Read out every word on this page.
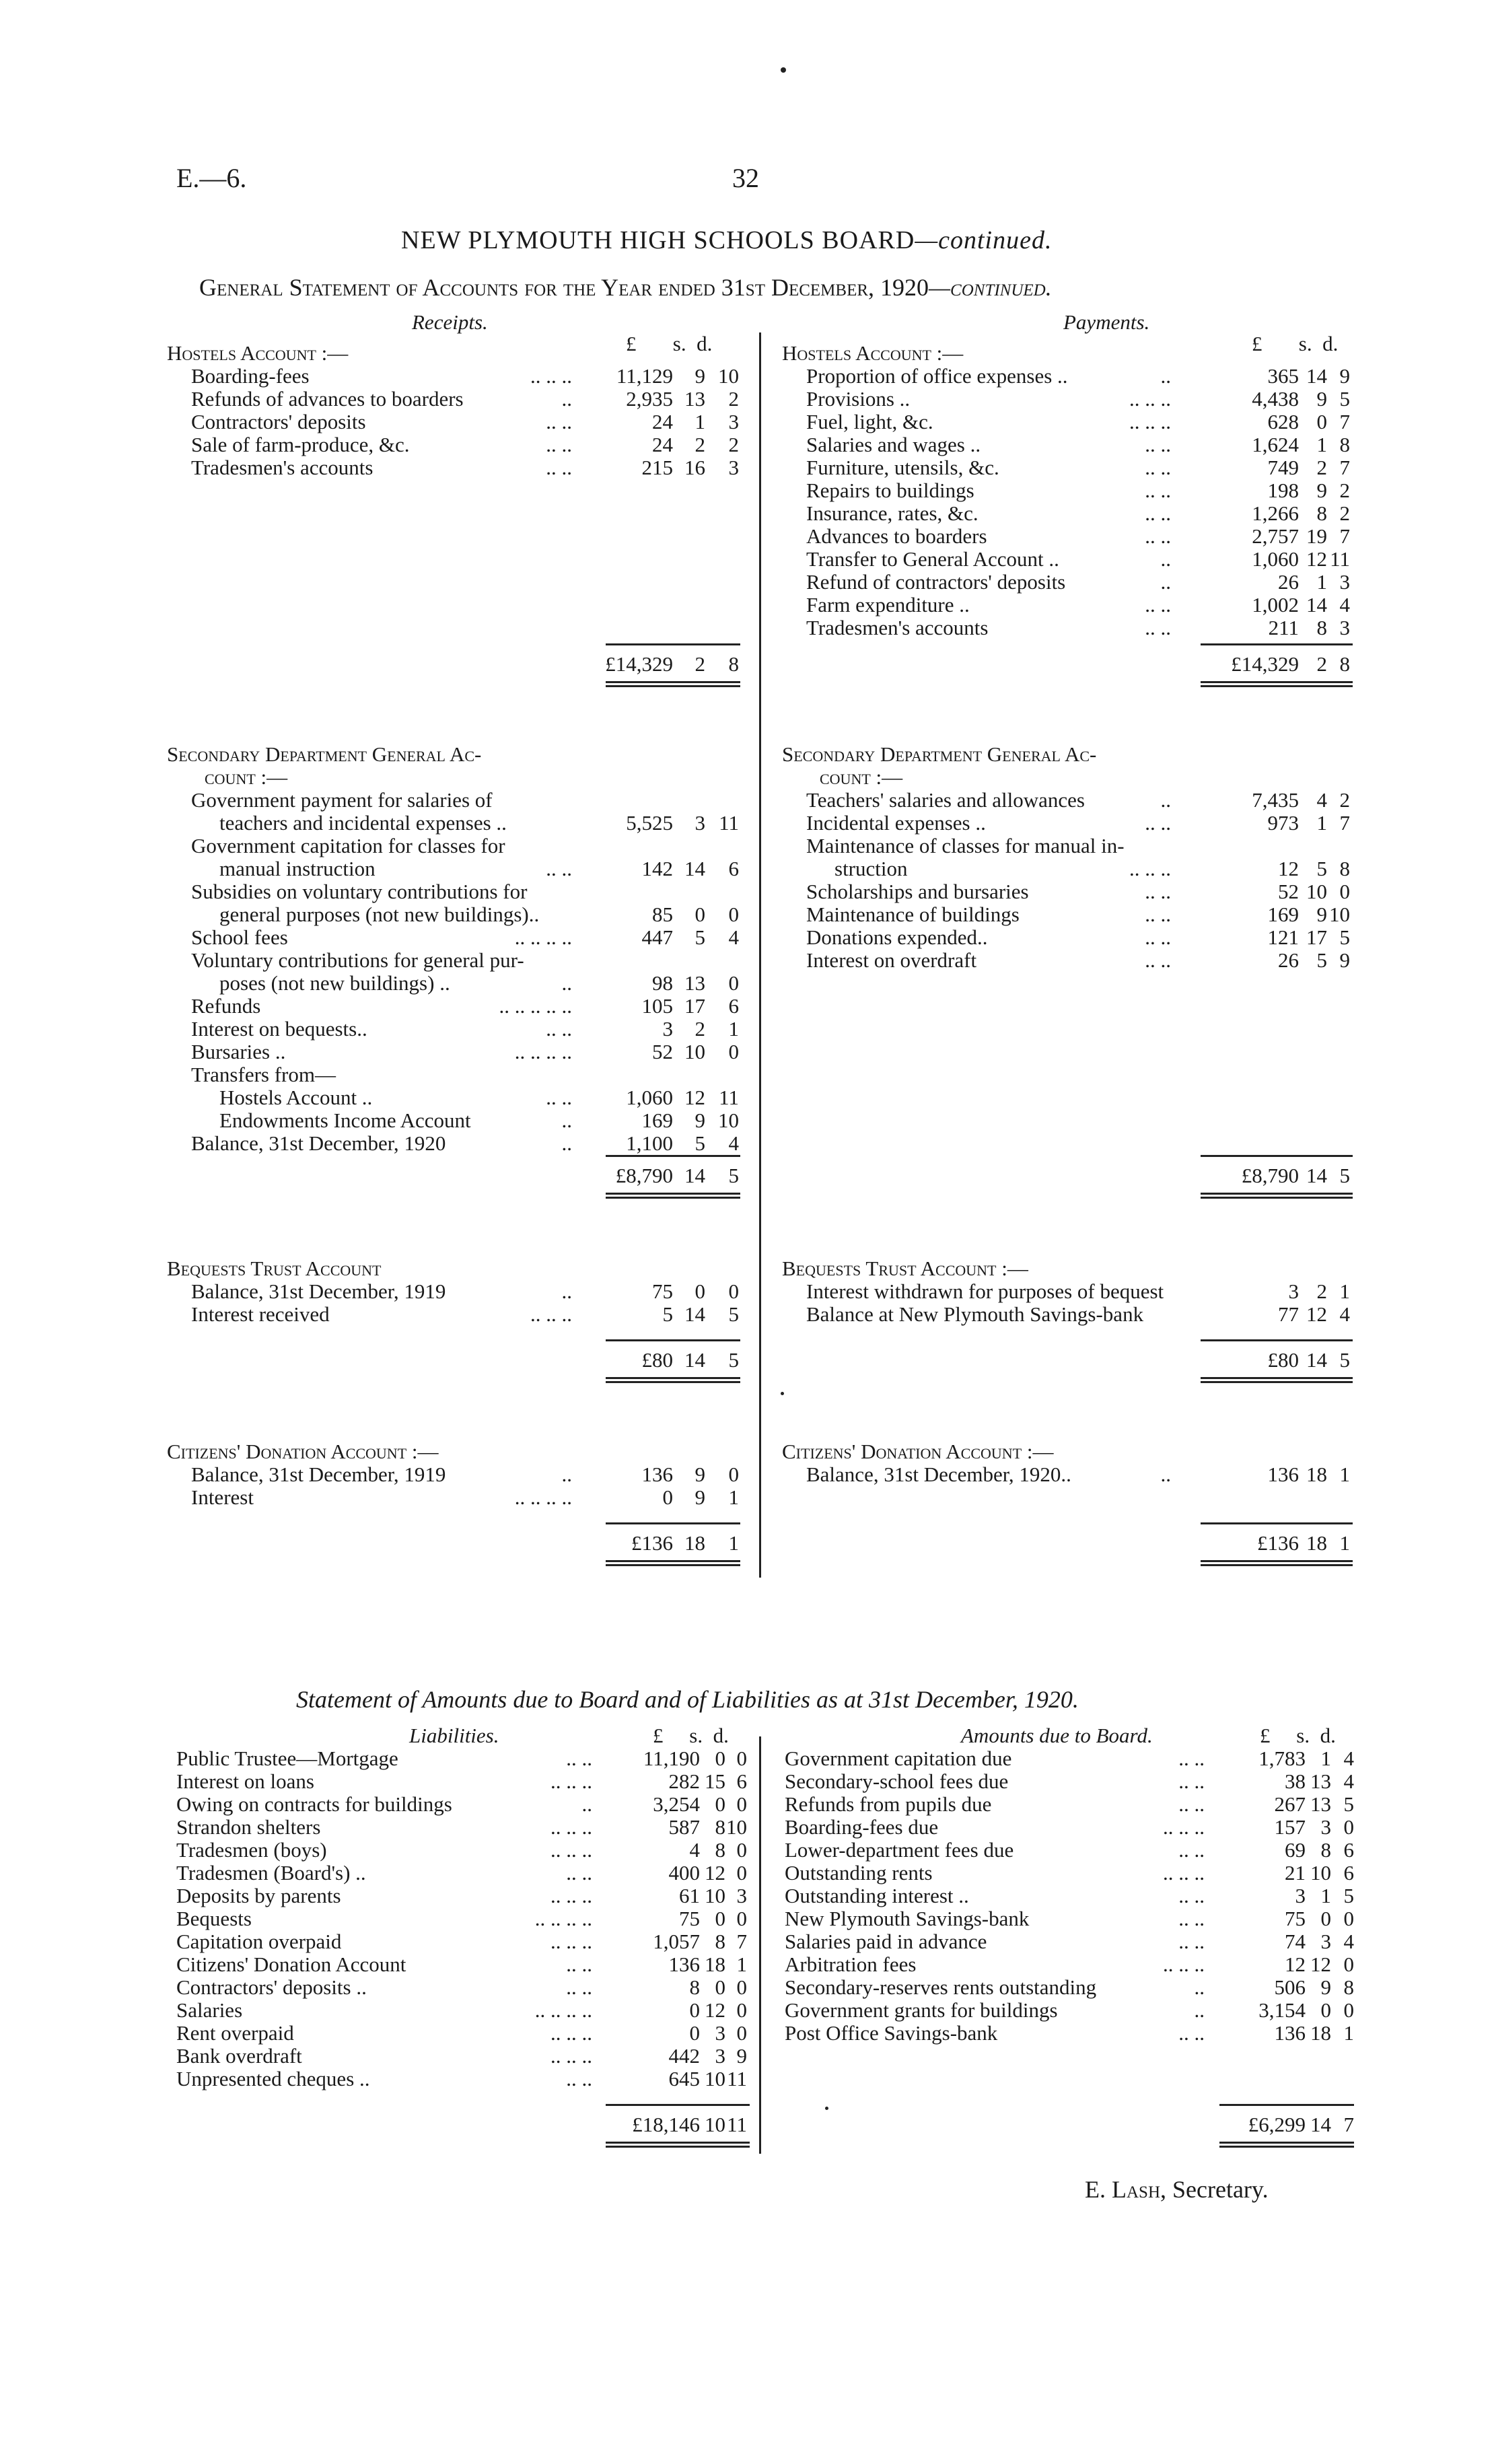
E.—6.	32
NEW PLYMOUTH HIGH SCHOOLS BOARD—continued.
General Statement of Accounts for the Year ended 31st December, 1920—continued.
Receipts.	Payments.
£ s. d.	£ s. d.
Hostels Account :—
Boarding-fees	.. .. ..	11,129	9 10
Refunds of advances to boarders	..	2,935 13	2
Contractors' deposits	.. ..	24	1	3
Sale of farm-produce, &c.	.. ..	24	2	2
Tradesmen's accounts	.. ..	215 16	3
£14,329	2	8
Hostels Account :—
Proportion of office expenses ..	..	365 14 9
Provisions ..	.. .. ..	4,438 9 5
Fuel, light, &c.	.. .. ..	628 0 7
Salaries and wages ..	.. ..	1,624 1 8
Furniture, utensils, &c.	.. ..	749 2 7
Repairs to buildings	.. ..	198 9 2
Insurance, rates, &c.	.. ..	1,266 8 2
Advances to boarders	.. ..	2,757 19 7
Transfer to General Account ..	..	1,060 12 11
Refund of contractors' deposits	..	26 1 3
Farm expenditure ..	.. ..	1,002 14 4
Tradesmen's accounts	.. ..	211 8 3
£14,329 2 8
Secondary Department General Ac-
count :—
Government payment for salaries of
teachers and incidental expenses ..	5,525	3 11
Government capitation for classes for
manual instruction	.. ..	142 14	6
Subsidies on voluntary contributions for
general purposes (not new buildings)..	85	0	0
School fees	.. .. .. ..	447	5	4
Voluntary contributions for general pur-
poses (not new buildings) ..	..	98 13	0
Refunds	.. .. .. .. ..	105 17	6
Interest on bequests..	.. ..	3	2	1
Bursaries ..	.. .. .. ..	52 10	0
Transfers from—
Hostels Account ..	.. ..	1,060 12 11
Endowments Income Account	..	169	9 10
Balance, 31st December, 1920	..	1,100	5	4
£8,790 14	5
Secondary Department General Ac-
count :—
Teachers' salaries and allowances	..	7,435 4 2
Incidental expenses ..	.. ..	973 1 7
Maintenance of classes for manual in-
struction	.. .. ..	12 5 8
Scholarships and bursaries	.. ..	52 10 0
Maintenance of buildings	.. ..	169 9 10
Donations expended..	.. ..	121 17 5
Interest on overdraft	.. ..	26 5 9
£8,790 14 5
Bequests Trust Account
Balance, 31st December, 1919	..	75	0	0
Interest received	.. .. ..	5 14	5
£80 14	5
Bequests Trust Account :—
Interest withdrawn for purposes of bequest	3 2 1
Balance at New Plymouth Savings-bank	77 12 4
£80 14 5
Citizens' Donation Account :—
Balance, 31st December, 1919	..	136	9	0
Interest	.. .. .. ..	0	9	1
£136 18	1
Citizens' Donation Account :—
Balance, 31st December, 1920..	..	136 18 1
£136 18 1
Public Trustee—Mortgage	.. ..	11,190 0 0
Interest on loans	.. .. ..	282 15 6
Owing on contracts for buildings	..	3,254 0 0
Strandon shelters	.. .. ..	587 8 10
Tradesmen (boys)	.. .. ..	4 8 0
Tradesmen (Board's) ..	.. ..	400 12 0
Deposits by parents	.. .. ..	61 10 3
Bequests	.. .. .. ..	75 0 0
Capitation overpaid	.. .. ..	1,057 8 7
Citizens' Donation Account	.. ..	136 18 1
Contractors' deposits ..	.. ..	8 0 0
Salaries	.. .. .. ..	0 12 0
Rent overpaid	.. .. ..	0 3 0
Bank overdraft	.. .. ..	442 3 9
Unpresented cheques ..	.. ..	645 10 11
£18,146 10 11
Government capitation due	.. ..	1,783 1 4
Secondary-school fees due	.. ..	38 13 4
Refunds from pupils due	.. ..	267 13 5
Boarding-fees due	.. .. ..	157 3 0
Lower-department fees due	.. ..	69 8 6
Outstanding rents	.. .. ..	21 10 6
Outstanding interest ..	.. ..	3 1 5
New Plymouth Savings-bank	.. ..	75 0 0
Salaries paid in advance	.. ..	74 3 4
Arbitration fees	.. .. ..	12 12 0
Secondary-reserves rents outstanding	..	506 9 8
Government grants for buildings	..	3,154 0 0
Post Office Savings-bank	.. ..	136 18 1
£6,299 14 7
Statement of Amounts due to Board and of Liabilities as at 31st December, 1920.
Liabilities.	Amounts due to Board.
£ s. d.	£ s. d.
E. Lash, Secretary.
